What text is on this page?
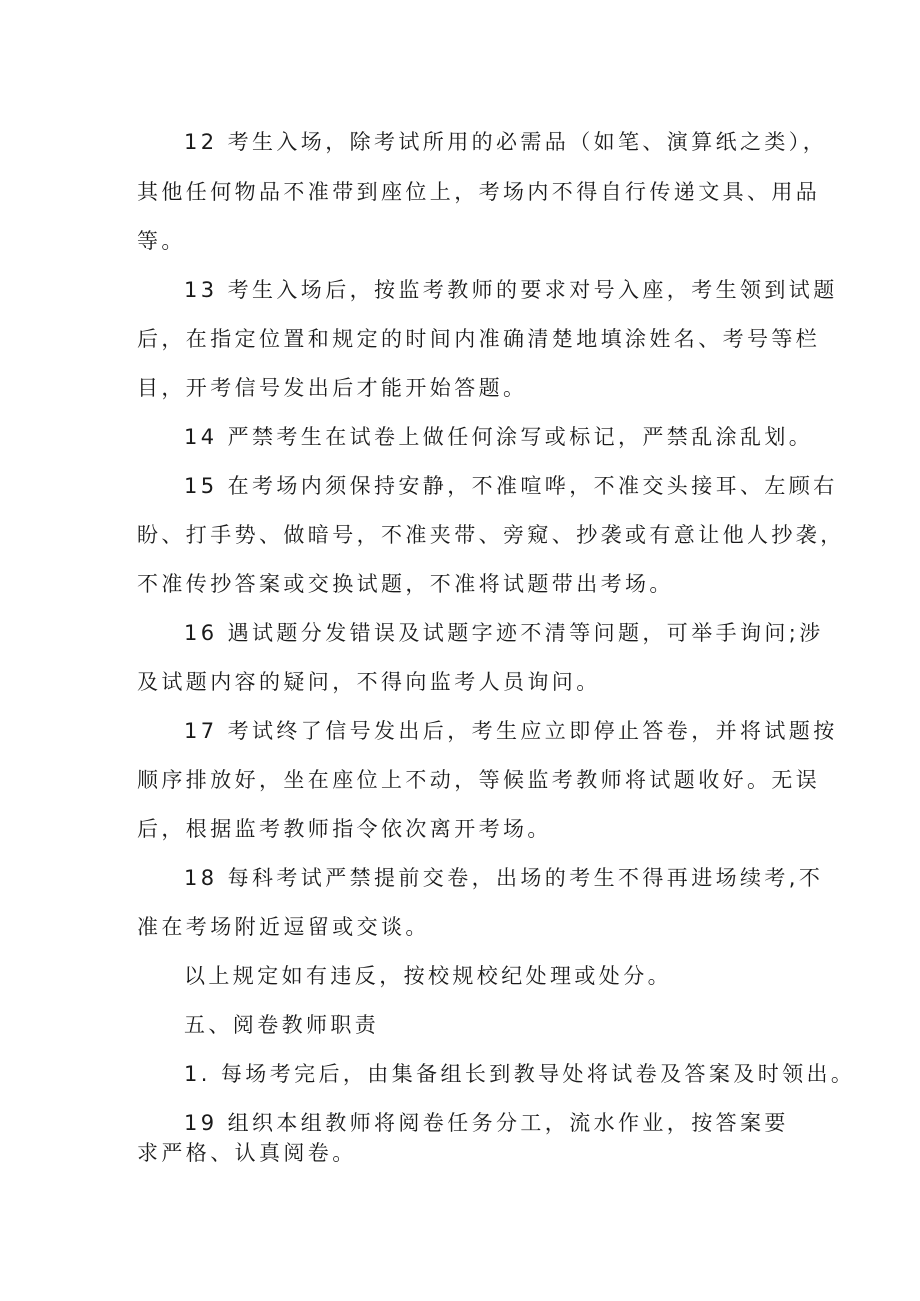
12 考生入场，除考试所用的必需品（如笔、演算纸之类），
其他任何物品不准带到座位上，考场内不得自行传递文具、用品
等。
13 考生入场后，按监考教师的要求对号入座，考生领到试题
后，在指定位置和规定的时间内准确清楚地填涂姓名、考号等栏
目，开考信号发出后才能开始答题。
14 严禁考生在试卷上做任何涂写或标记，严禁乱涂乱划。
15 在考场内须保持安静，不准喧哗，不准交头接耳、左顾右
盼、打手势、做暗号，不准夹带、旁窥、抄袭或有意让他人抄袭，
不准传抄答案或交换试题，不准将试题带出考场。
16 遇试题分发错误及试题字迹不清等问题，可举手询问;涉
及试题内容的疑问，不得向监考人员询问。
17 考试终了信号发出后，考生应立即停止答卷，并将试题按
顺序排放好，坐在座位上不动，等候监考教师将试题收好。无误
后，根据监考教师指令依次离开考场。
18 每科考试严禁提前交卷，出场的考生不得再进场续考,不
准在考场附近逗留或交谈。
以上规定如有违反，按校规校纪处理或处分。
五、阅卷教师职责
1. 每场考完后，由集备组长到教导处将试卷及答案及时领出。
19 组织本组教师将阅卷任务分工，流水作业，按答案要
求严格、认真阅卷。
